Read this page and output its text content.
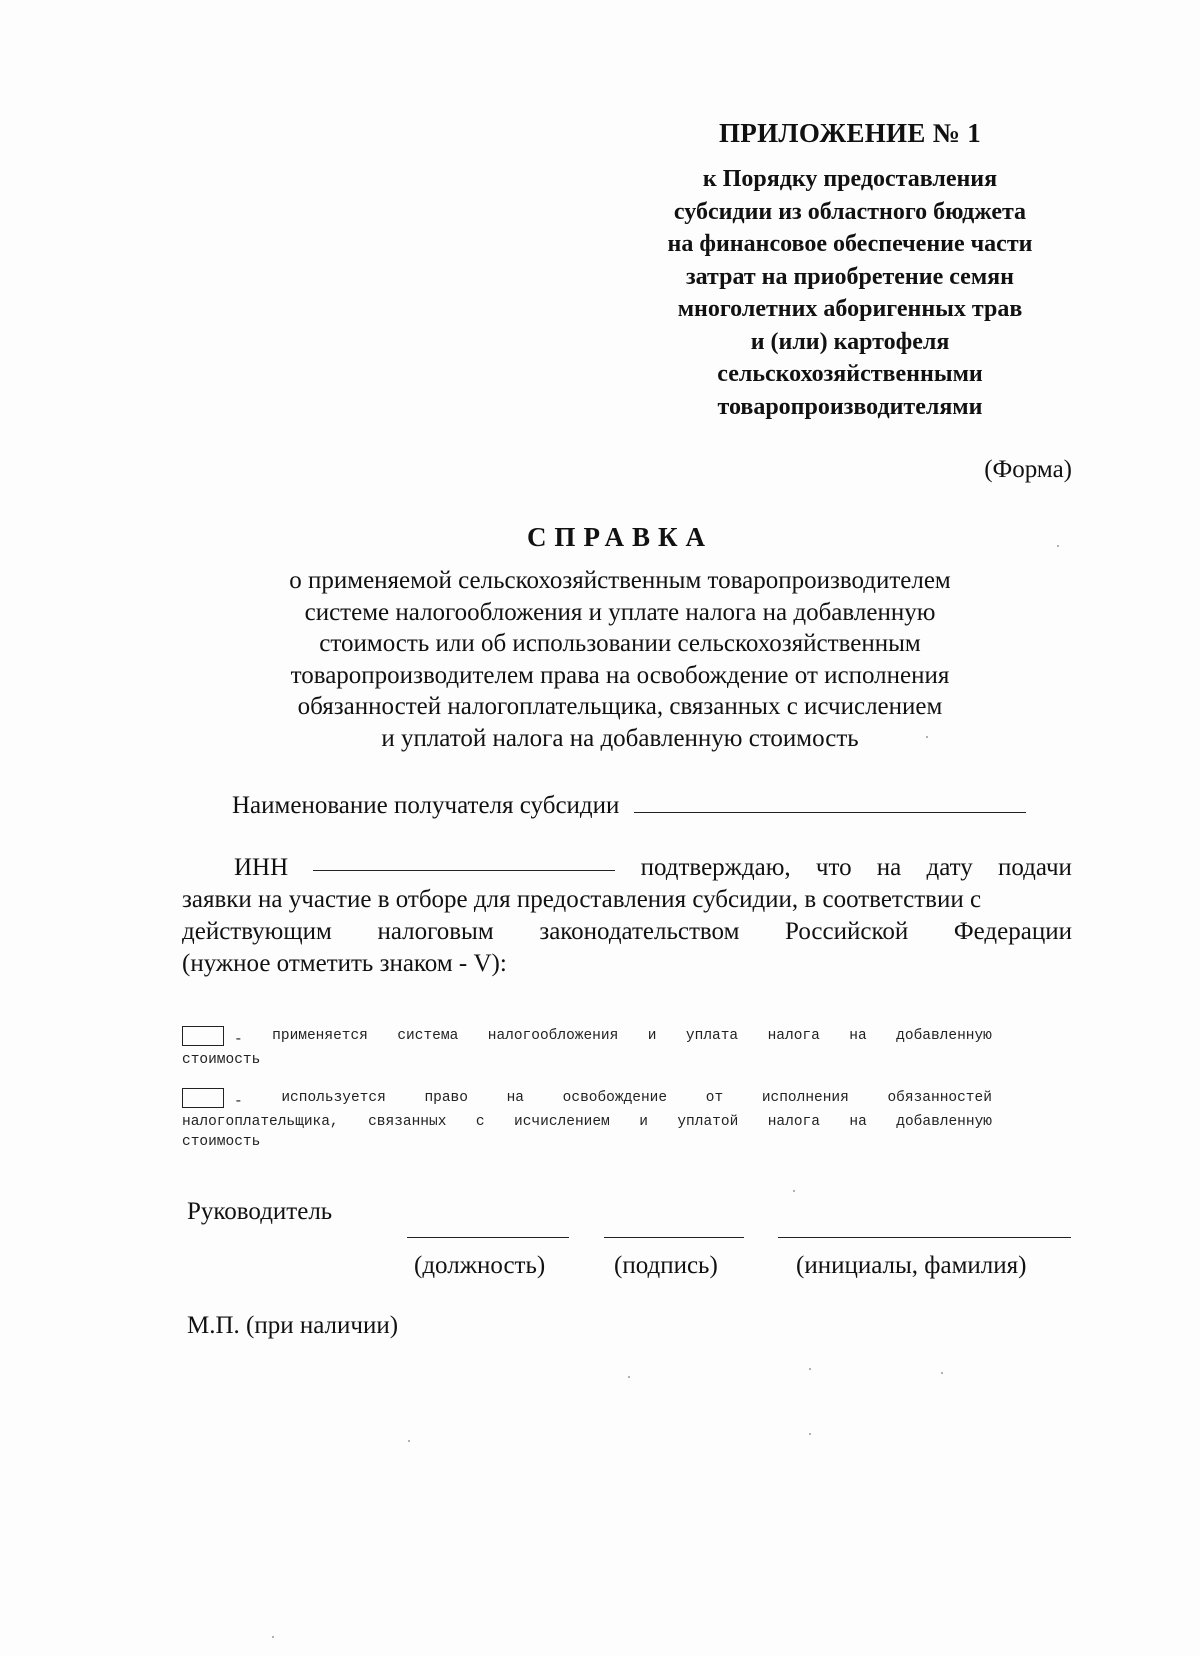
ПРИЛОЖЕНИЕ № 1
к Порядку предоставления
субсидии из областного бюджета
на финансовое обеспечение части
затрат на приобретение семян
многолетних аборигенных трав
и (или) картофеля
сельскохозяйственными
товаропроизводителями
(Форма)
СПРАВКА
о применяемой сельскохозяйственным товаропроизводителем
системе налогообложения и уплате налога на добавленную
стоимость или об использовании сельскохозяйственным
товаропроизводителем права на освобождение от исполнения
обязанностей налогоплательщика, связанных с исчислением
и уплатой налога на добавленную стоимость
Наименование получателя субсидии
ИНН	подтверждаю, что на дату подачи
заявки на участие в отборе для предоставления субсидии, в соответствии с
действующим налоговым законодательством Российской Федерации
(нужное отметить знаком - V):
- применяется система налогообложения и уплата налога на добавленную
стоимость
-	используется	право	на	освобождение	от	исполнения	обязанностей
налогоплательщика, связанных с исчислением и уплатой налога на добавленную
стоимость
Руководитель
(должность)	(подпись)	(инициалы, фамилия)
М.П. (при наличии)
